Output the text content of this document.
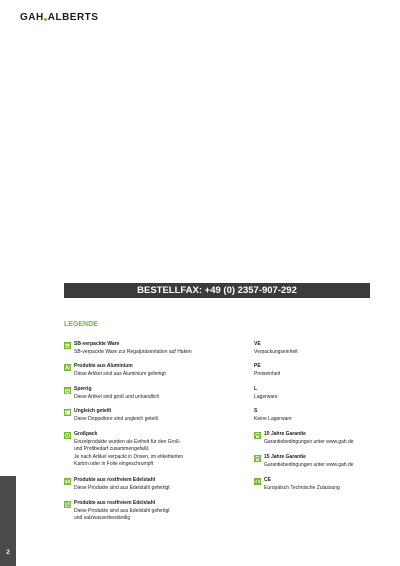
GAH ALBERTS
BESTELLFAX: +49 (0) 2357-907-292
LEGENDE
SB-verpackte Ware
SB-verpackte Ware zur Regalpräsentation auf Haken
Produkte aus Aluminium
Diese Artikel sind aus Aluminium gefertigt
Sperrig
Diese Artikel sind groß und unhandlich
Ungleich geteilt
Diese Doppeltore sind ungleich geteilt
Großpack
Einzelprodukte wurden als Einheit für den Groß-
und Profibedarf zusammengefaßt.
Je nach Artikel verpackt in Dosen, im etikettierten
Karton oder in Folie eingeschrumpft
Produkte aus rostfreiem Edelstahl
Diese Produkte sind aus Edelstahl gefertigt
Produkte aus rostfreiem Edelstahl
Diese Produkte sind aus Edelstahl gefertigt
und salzwasserbeständig
VE
Verpackungseinheit
PE
Preiseinheit
L
Lagerware
S
Keine Lagerware
10 Jahre Garantie
Garantiebedingungen unter www.gah.de
15 Jahre Garantie
Garantiebedingungen unter www.gah.de
CE
Europäisch Technische Zulassung
2
